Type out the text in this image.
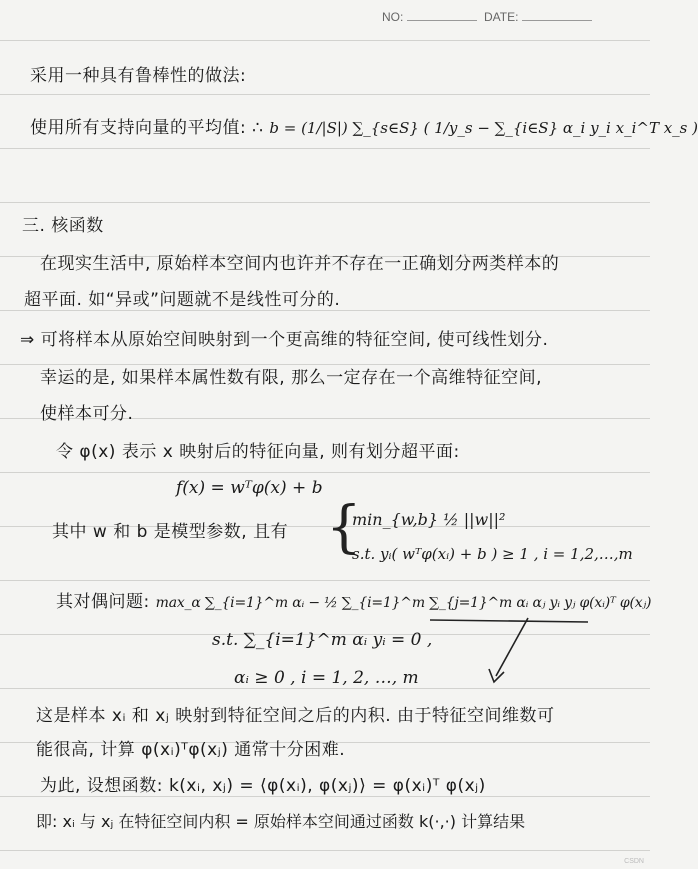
NO:	DATE:
采用一种具有鲁棒性的做法:
使用所有支持向量的平均值: ∴ b = (1/|S|) ∑_{s∈S} ( 1/y_s − ∑_{i∈S} α_i y_i x_i^T x_s )
三. 核函数
在现实生活中, 原始样本空间内也许并不存在一正确划分两类样本的
超平面. 如“异或”问题就不是线性可分的.
⇒ 可将样本从原始空间映射到一个更高维的特征空间, 使可线性划分.
幸运的是, 如果样本属性数有限, 那么一定存在一个高维特征空间,
使样本可分.
令 φ(x) 表示 x 映射后的特征向量, 则有划分超平面:
f(x) = wᵀφ(x) + b
其中 w 和 b 是模型参数, 且有 {
min_{w,b} ½ ||w||²
s.t. yᵢ( wᵀφ(xᵢ) + b ) ≥ 1 , i = 1,2,…,m
其对偶问题: max_α ∑_{i=1}^m αᵢ − ½ ∑_{i=1}^m ∑_{j=1}^m αᵢ αⱼ yᵢ yⱼ φ(xᵢ)ᵀ φ(xⱼ)
s.t. ∑_{i=1}^m αᵢ yᵢ = 0 ,
αᵢ ≥ 0 , i = 1, 2, …, m
这是样本 xᵢ 和 xⱼ 映射到特征空间之后的内积. 由于特征空间维数可
能很高, 计算 φ(xᵢ)ᵀφ(xⱼ) 通常十分困难.
为此, 设想函数: k(xᵢ, xⱼ) = ⟨φ(xᵢ), φ(xⱼ)⟩ = φ(xᵢ)ᵀ φ(xⱼ)
即: xᵢ 与 xⱼ 在特征空间内积 = 原始样本空间通过函数 k(·,·) 计算结果
CSDN
